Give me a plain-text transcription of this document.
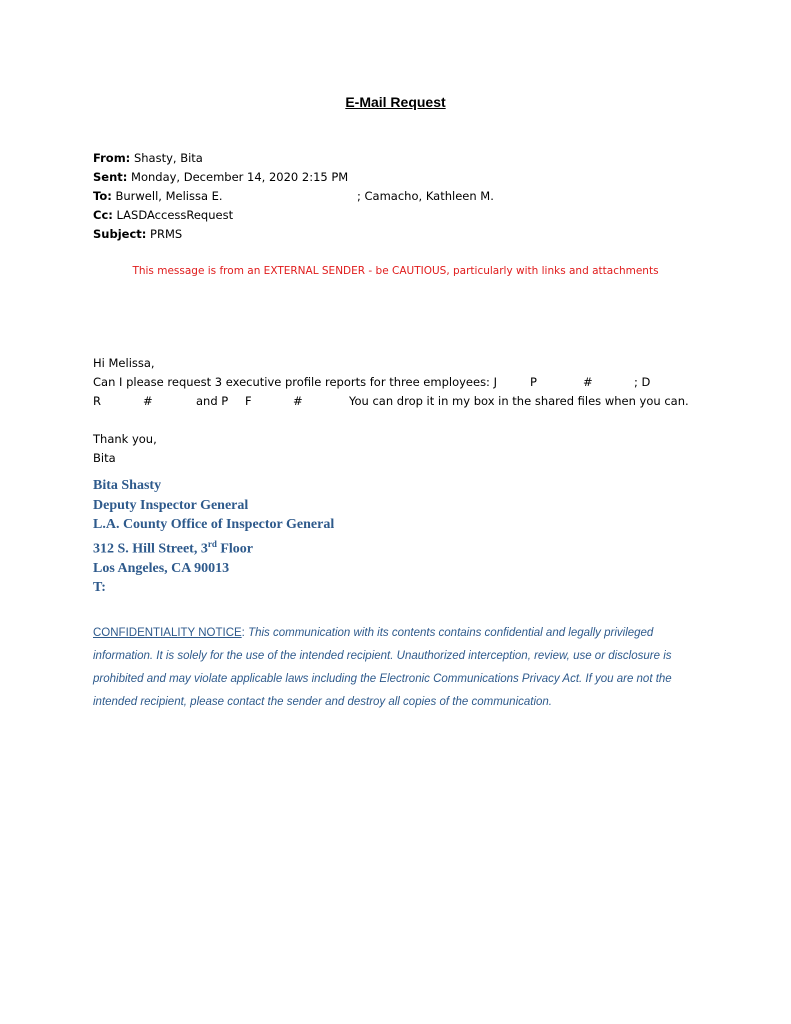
E-Mail Request
From: Shasty, Bita
Sent: Monday, December 14, 2020 2:15 PM
To: Burwell, Melissa E.	; Camacho, Kathleen M.
Cc: LASDAccessRequest
Subject: PRMS
This message is from an EXTERNAL SENDER - be CAUTIOUS, particularly with links and attachments
Hi Melissa,
Can I please request 3 executive profile reports for three employees: J	P	#	; D
R	#	and P F	#	You can drop it in my box in the shared files when you can.
Thank you,
Bita
Bita Shasty
Deputy Inspector General
L.A. County Office of Inspector General
312 S. Hill Street, 3rd Floor
Los Angeles, CA 90013
T:
CONFIDENTIALITY NOTICE: This communication with its contents contains confidential and legally privileged information. It is solely for the use of the intended recipient. Unauthorized interception, review, use or disclosure is prohibited and may violate applicable laws including the Electronic Communications Privacy Act. If you are not the intended recipient, please contact the sender and destroy all copies of the communication.
